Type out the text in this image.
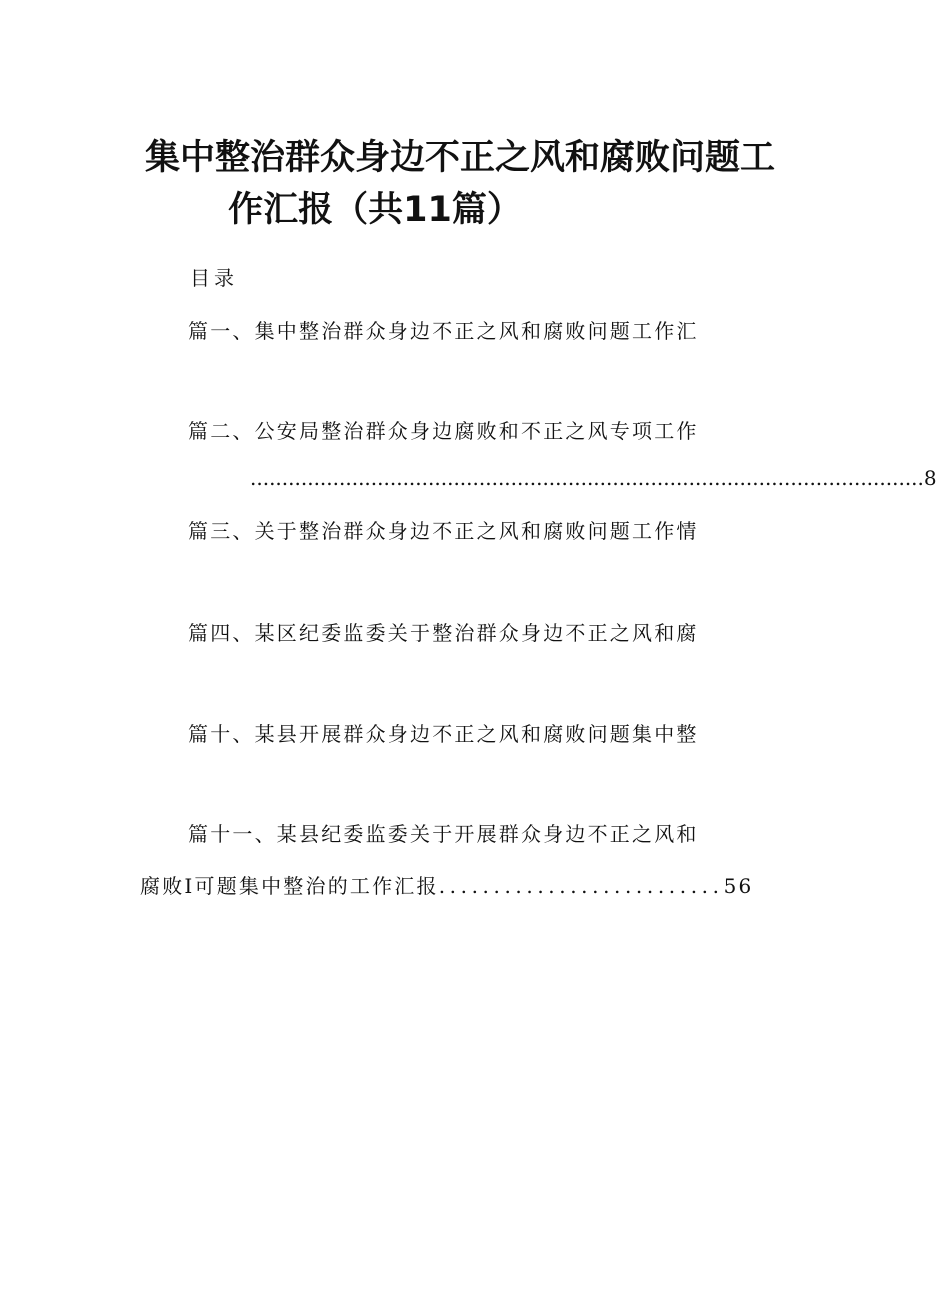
集中整治群众身边不正之风和腐败问题工
作汇报（共11篇）
目录
篇一、集中整治群众身边不正之风和腐败问题工作汇
篇二、公安局整治群众身边腐败和不正之风专项工作
.......................................................................................................... 8
篇三、关于整治群众身边不正之风和腐败问题工作情
篇四、某区纪委监委关于整治群众身边不正之风和腐
篇十、某县开展群众身边不正之风和腐败问题集中整
篇十一、某县纪委监委关于开展群众身边不正之风和
腐败I可题集中整治的工作汇报..........................56
